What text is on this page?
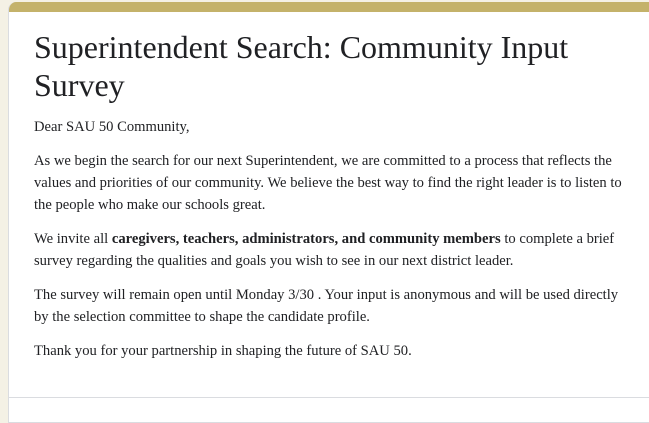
Superintendent Search: Community Input Survey

Dear SAU 50 Community,

As we begin the search for our next Superintendent, we are committed to a process that reflects the values and priorities of our community. We believe the best way to find the right leader is to listen to the people who make our schools great.

We invite all caregivers, teachers, administrators, and community members to complete a brief survey regarding the qualities and goals you wish to see in our next district leader.

The survey will remain open until Monday 3/30 . Your input is anonymous and will be used directly by the selection committee to shape the candidate profile.

Thank you for your partnership in shaping the future of SAU 50.
